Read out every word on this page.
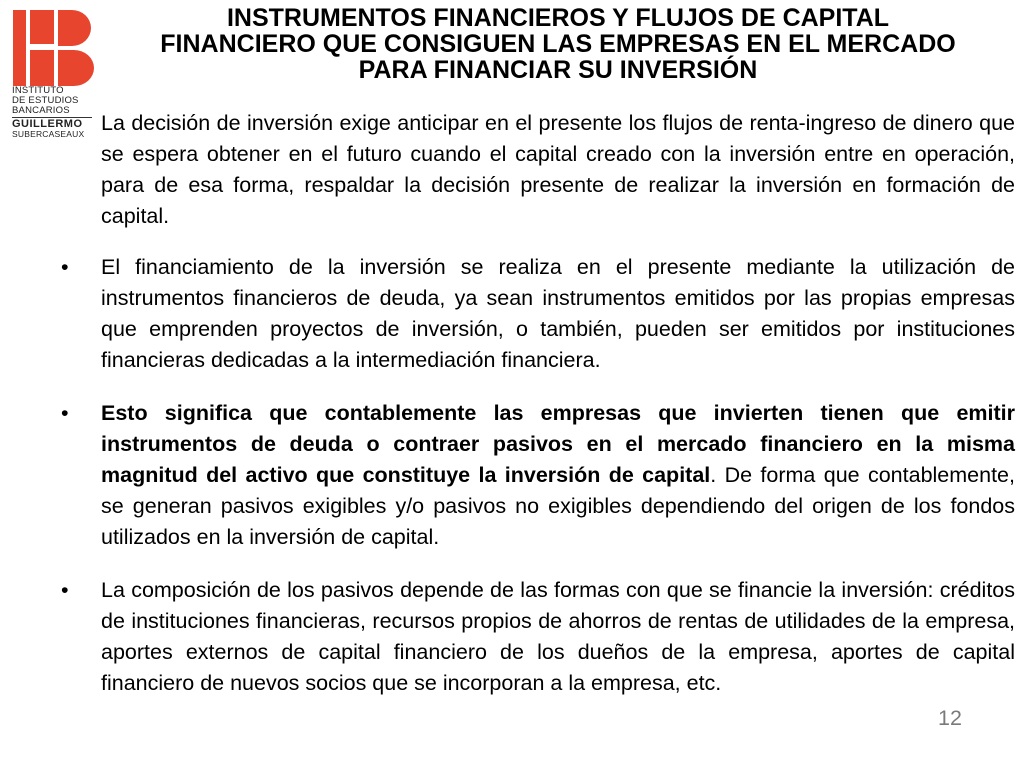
INSTITUTO
DE ESTUDIOS
BANCARIOS
GUILLERMO
SUBERCASEAUX
INSTRUMENTOS FINANCIEROS Y FLUJOS DE CAPITAL
FINANCIERO QUE CONSIGUEN LAS EMPRESAS EN EL MERCADO
PARA FINANCIAR SU INVERSIÓN
La decisión de inversión exige anticipar en el presente los flujos de renta-ingreso de dinero que se espera obtener en el futuro cuando el capital creado con la inversión entre en operación, para de esa forma, respaldar la decisión presente de realizar la inversión en formación de capital.
• El financiamiento de la inversión se realiza en el presente mediante la utilización de instrumentos financieros de deuda, ya sean instrumentos emitidos por las propias empresas que emprenden proyectos de inversión, o también, pueden ser emitidos por instituciones financieras dedicadas a la intermediación financiera.
• Esto significa que contablemente las empresas que invierten tienen que emitir instrumentos de deuda o contraer pasivos en el mercado financiero en la misma magnitud del activo que constituye la inversión de capital. De forma que contablemente, se generan pasivos exigibles y/o pasivos no exigibles dependiendo del origen de los fondos utilizados en la inversión de capital.
• La composición de los pasivos depende de las formas con que se financie la inversión: créditos de instituciones financieras, recursos propios de ahorros de rentas de utilidades de la empresa, aportes externos de capital financiero de los dueños de la empresa, aportes de capital financiero de nuevos socios que se incorporan a la empresa, etc.
12
